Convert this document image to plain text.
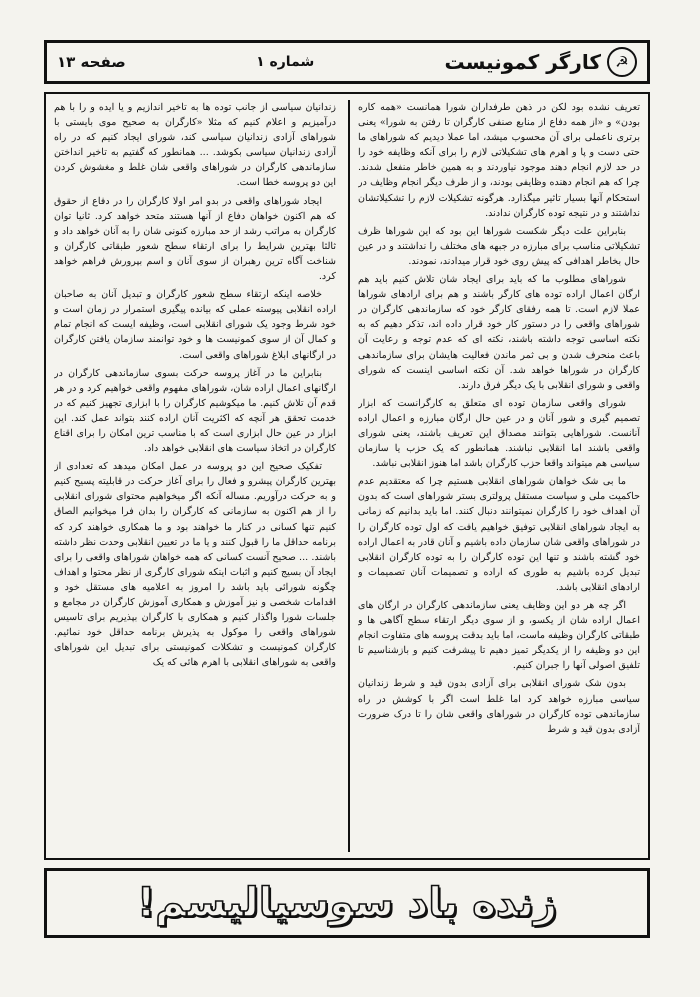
☭
کارگر کمونیست
شماره ۱
صفحه ۱۳

تعریف نشده بود لکن در ذهن طرفداران شورا همانست «همه کاره بودن» و «از همه دفاع از منابع صنفی کارگران تا رفتن به شورا» یعنی برتری ناعملی برای آن محسوب میشد، اما عملا دیدیم که شوراهای ما حتی دست و پا و اهرم های تشکیلاتی لازم را برای آنکه وظایفه خود را در حد لازم انجام دهند موجود نیاوردند و به همین خاطر منفعل شدند. چرا که هم انجام دهنده وظایفی بودند، و از طرف دیگر انجام وظایف در استحکام آنها بسیار تاثیر میگذارد. هرگونه تشکیلات لازم را تشکیلاتشان نداشتند و در نتیجه توده کارگران ندادند.

بنابراین علت دیگر شکست شوراها این بود که این شوراها ظرف تشکیلاتی مناسب برای مبارزه در جبهه های مختلف را نداشتند و در عین حال بخاطر اهدافی که پیش روی خود قرار میدادند، نمودند.

شوراهای مطلوب ما که باید برای ایجاد شان تلاش کنیم باید هم ارگان اعمال اراده توده های کارگر باشند و هم برای ارادهای شوراها عملا لازم است. تا همه رفقای کارگر خود که سازماندهی کارگران در شوراهای واقعی را در دستور کار خود قرار داده اند، تذکر دهیم که به نکته اساسی توجه داشته باشند، نکته ای که عدم توجه و رعایت آن باعث منحرف شدن و بی ثمر ماندن فعالیت هایشان برای سازماندهی کارگران در شوراها خواهد شد. آن نکته اساسی اینست که شورای واقعی و شورای انقلابی با یک دیگر فرق دارند.

شورای واقعی سازمان توده ای متعلق به کارگرانست که ابزار تصمیم گیری و شور آنان و در عین حال ارگان مبارزه و اعمال اراده آنانست. شوراهایی بتوانند مصداق این تعریف باشند، یعنی شورای واقعی باشند اما انقلابی نباشند. همانطور که یک حزب یا سازمان سیاسی هم میتواند واقعا حزب کارگران باشد اما هنوز انقلابی نباشد.

ما بی شک خواهان شوراهای انقلابی هستیم چرا که معتقدیم عدم حاکمیت ملی و سیاست مستقل پرولتری بستر شوراهای است که بدون آن اهداف خود را کارگران نمیتوانند دنبال کنند. اما باید بدانیم که زمانی به ایجاد شوراهای انقلابی توفیق خواهیم یافت که اول توده کارگران را در شوراهای واقعی شان سازمان داده باشیم و آنان قادر به اعمال اراده خود گشته باشند و تنها این توده کارگران را به توده کارگران انقلابی تبدیل کرده باشیم به طوری که اراده و تصمیمات آنان تصمیمات و ارادهای انقلابی باشد.

اگر چه هر دو این وظایف یعنی سازماندهی کارگران در ارگان های اعمال اراده شان از یکسو، و از سوی دیگر ارتقاء سطح آگاهی ها و طبقاتی کارگران وظیفه ماست، اما باید بدقت پروسه های متفاوت انجام این دو وظیفه را از یکدیگر تمیز دهیم تا پیشرفت کنیم و بازشناسیم تا تلفیق اصولی آنها را جبران کنیم.

بدون شک شورای انقلابی برای آزادی بدون قید و شرط زندانیان سیاسی مبارزه خواهد کرد اما غلط است اگر با کوشش در راه سازماندهی توده کارگران در شوراهای واقعی شان را تا درک ضرورت آزادی بدون قید و شرط

زندانیان سیاسی از جانب توده ها به تاخیر اندازیم و یا ایده و را با هم درآمیزیم و اعلام کنیم که مثلا «کارگران به صحیح موی بایستی با شوراهای آزادی زندانیان سیاسی کند، شورای ایجاد کنیم که در راه آزادی زندانیان سیاسی بکوشد. ... همانطور که گفتیم به تاخیر انداختن سازماندهی کارگران در شوراهای واقعی شان غلط و مغشوش کردن این دو پروسه خطا است.

ایجاد شوراهای واقعی در بدو امر اولا کارگران را در دفاع از حقوق که هم اکنون خواهان دفاع از آنها هستند متحد خواهد کرد. ثانیا توان کارگران به مراتب رشد از حد مبارزه کنونی شان را به آنان خواهد داد و ثالثا بهترین شرایط را برای ارتقاء سطح شعور طبقاتی کارگران و شناخت آگاه ترین رهبران از سوی آنان و اسم بپرورش فراهم خواهد کرد.

خلاصه اینکه ارتقاء سطح شعور کارگران و تبدیل آنان به صاحبان اراده انقلابی پیوسته عملی که بیانده پیگیری استمرار در زمان است و خود شرط وجود یک شورای انقلابی است، وظیفه ایست که انجام تمام و کمال آن از سوی کمونیست ها و خود توانمند سازمان یافتن کارگران در ارگانهای ابلاغ شوراهای واقعی است.

بنابراین ما در آغاز پروسه حرکت بسوی سازماندهی کارگران در ارگانهای اعمال اراده شان، شوراهای مفهوم واقعی خواهیم کرد و در هر قدم آن تلاش کنیم. ما میکوشیم کارگران را با ابزاری تجهیز کنیم که در خدمت تحقق هر آنچه که اکثریت آنان اراده کنند بتواند عمل کند. این ابزار در عین حال ابزاری است که با مناسب ترین امکان را برای اقناع کارگران در اتخاذ سیاست های انقلابی خواهد داد.

تفکیک صحیح این دو پروسه در عمل امکان میدهد که تعدادی از بهترین کارگران پیشرو و فعال را برای آغاز حرکت در قابلیته پسیح کنیم و به حرکت درآوریم. مساله آنکه اگر میخواهیم محتوای شورای انقلابی را از هم اکنون به سازمانی که کارگران را بدان فرا میخوانیم الصاق کنیم تنها کسانی در کنار ما خواهند بود و ما همکاری خواهند کرد که برنامه حداقل ما را قبول کنند و یا ما در تعیین انقلابی وحدت نظر داشته باشند. ... صحیح آنست کسانی که همه خواهان شوراهای واقعی را برای ایجاد آن بسیج کنیم و اثبات اینکه شورای کارگری از نظر محتوا و اهداف چگونه شورائی باید باشد را امروز به اعلامیه های مستقل خود و اقدامات شخصی و نیز آموزش و همکاری آموزش کارگران در مجامع و جلسات شورا واگذار کنیم و همکاری با کارگران بپذیریم برای تاسیس شوراهای واقعی را موکول به پذیرش برنامه حداقل خود نمائیم. کارگران کمونیست و تشکلات کمونیستی برای تبدیل این شوراهای واقعی به شوراهای انقلابی با اهرم هائی که یک

زنده باد سوسیالیسم!
